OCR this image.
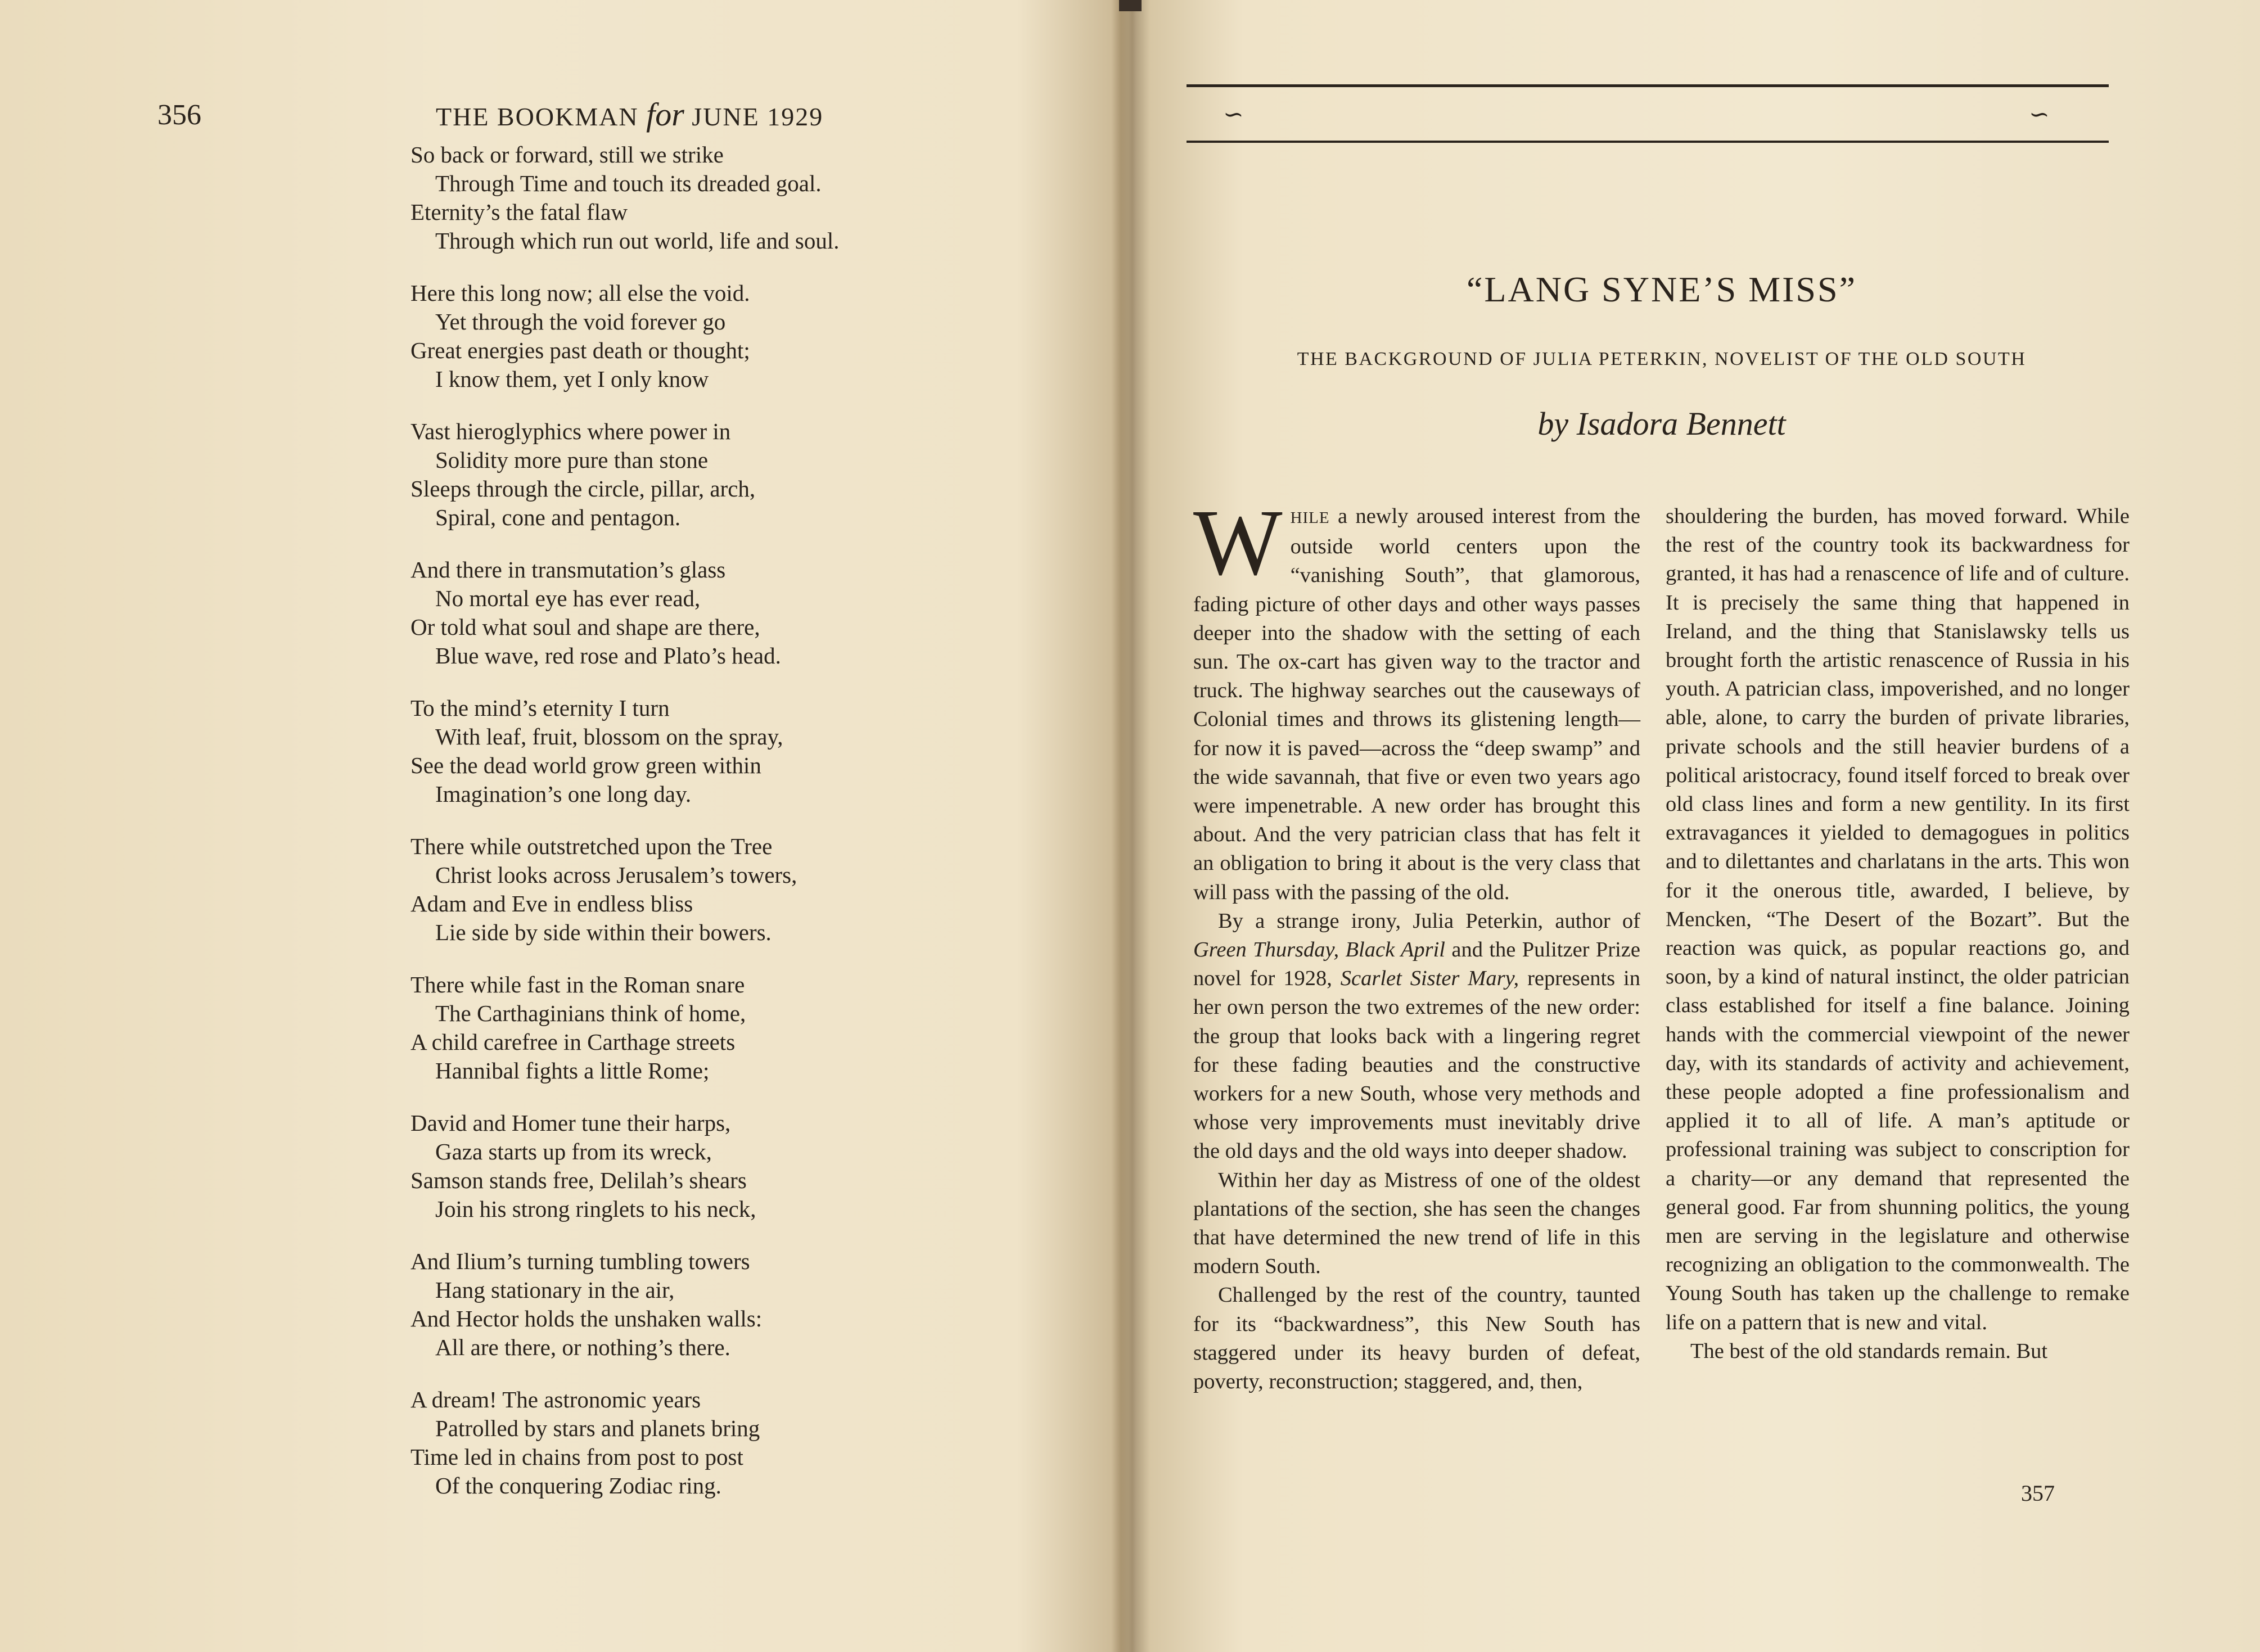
356	THE BOOKMAN for JUNE 1929
So back or forward, still we strike
Through Time and touch its dreaded goal.
Eternity’s the fatal flaw
Through which run out world, life and soul.
Here this long now; all else the void.
Yet through the void forever go
Great energies past death or thought;
I know them, yet I only know
Vast hieroglyphics where power in
Solidity more pure than stone
Sleeps through the circle, pillar, arch,
Spiral, cone and pentagon.
And there in transmutation’s glass
No mortal eye has ever read,
Or told what soul and shape are there,
Blue wave, red rose and Plato’s head.
To the mind’s eternity I turn
With leaf, fruit, blossom on the spray,
See the dead world grow green within
Imagination’s one long day.
There while outstretched upon the Tree
Christ looks across Jerusalem’s towers,
Adam and Eve in endless bliss
Lie side by side within their bowers.
There while fast in the Roman snare
The Carthaginians think of home,
A child carefree in Carthage streets
Hannibal fights a little Rome;
David and Homer tune their harps,
Gaza starts up from its wreck,
Samson stands free, Delilah’s shears
Join his strong ringlets to his neck,
And Ilium’s turning tumbling towers
Hang stationary in the air,
And Hector holds the unshaken walls:
All are there, or nothing’s there.
A dream! The astronomic years
Patrolled by stars and planets bring
Time led in chains from post to post
Of the conquering Zodiac ring.
∽	∽
“LANG SYNE’S MISS”
THE BACKGROUND OF JULIA PETERKIN, NOVELIST OF THE OLD SOUTH
by Isadora Bennett

WHILE a newly aroused interest from the outside world centers upon the “vanishing South”, that glamorous, fading picture of other days and other ways passes deeper into the shadow with the setting of each sun. The ox-cart has given way to the tractor and truck. The highway searches out the causeways of Colonial times and throws its glistening length—for now it is paved—across the “deep swamp” and the wide savannah, that five or even two years ago were impenetrable. A new order has brought this about. And the very patrician class that has felt it an obligation to bring it about is the very class that will pass with the passing of the old.

By a strange irony, Julia Peterkin, author of Green Thursday, Black April and the Pulitzer Prize novel for 1928, Scarlet Sister Mary, represents in her own person the two extremes of the new order: the group that looks back with a lingering regret for these fading beauties and the constructive workers for a new South, whose very methods and whose very improvements must inevitably drive the old days and the old ways into deeper shadow.

Within her day as Mistress of one of the oldest plantations of the section, she has seen the changes that have determined the new trend of life in this modern South.

Challenged by the rest of the country, taunted for its “backwardness”, this New South has staggered under its heavy burden of defeat, poverty, reconstruction; staggered, and, then,

shouldering the burden, has moved forward. While the rest of the country took its backwardness for granted, it has had a renascence of life and of culture. It is precisely the same thing that happened in Ireland, and the thing that Stanislawsky tells us brought forth the artistic renascence of Russia in his youth. A patrician class, impoverished, and no longer able, alone, to carry the burden of private libraries, private schools and the still heavier burdens of a political aristocracy, found itself forced to break over old class lines and form a new gentility. In its first extravagances it yielded to demagogues in politics and to dilettantes and charlatans in the arts. This won for it the onerous title, awarded, I believe, by Mencken, “The Desert of the Bozart”. But the reaction was quick, as popular reactions go, and soon, by a kind of natural instinct, the older patrician class established for itself a fine balance. Joining hands with the commercial viewpoint of the newer day, with its standards of activity and achievement, these people adopted a fine professionalism and applied it to all of life. A man’s aptitude or professional training was subject to conscription for a charity—or any demand that represented the general good. Far from shunning politics, the young men are serving in the legislature and otherwise recognizing an obligation to the commonwealth. The Young South has taken up the challenge to remake life on a pattern that is new and vital.

The best of the old standards remain. But

357
